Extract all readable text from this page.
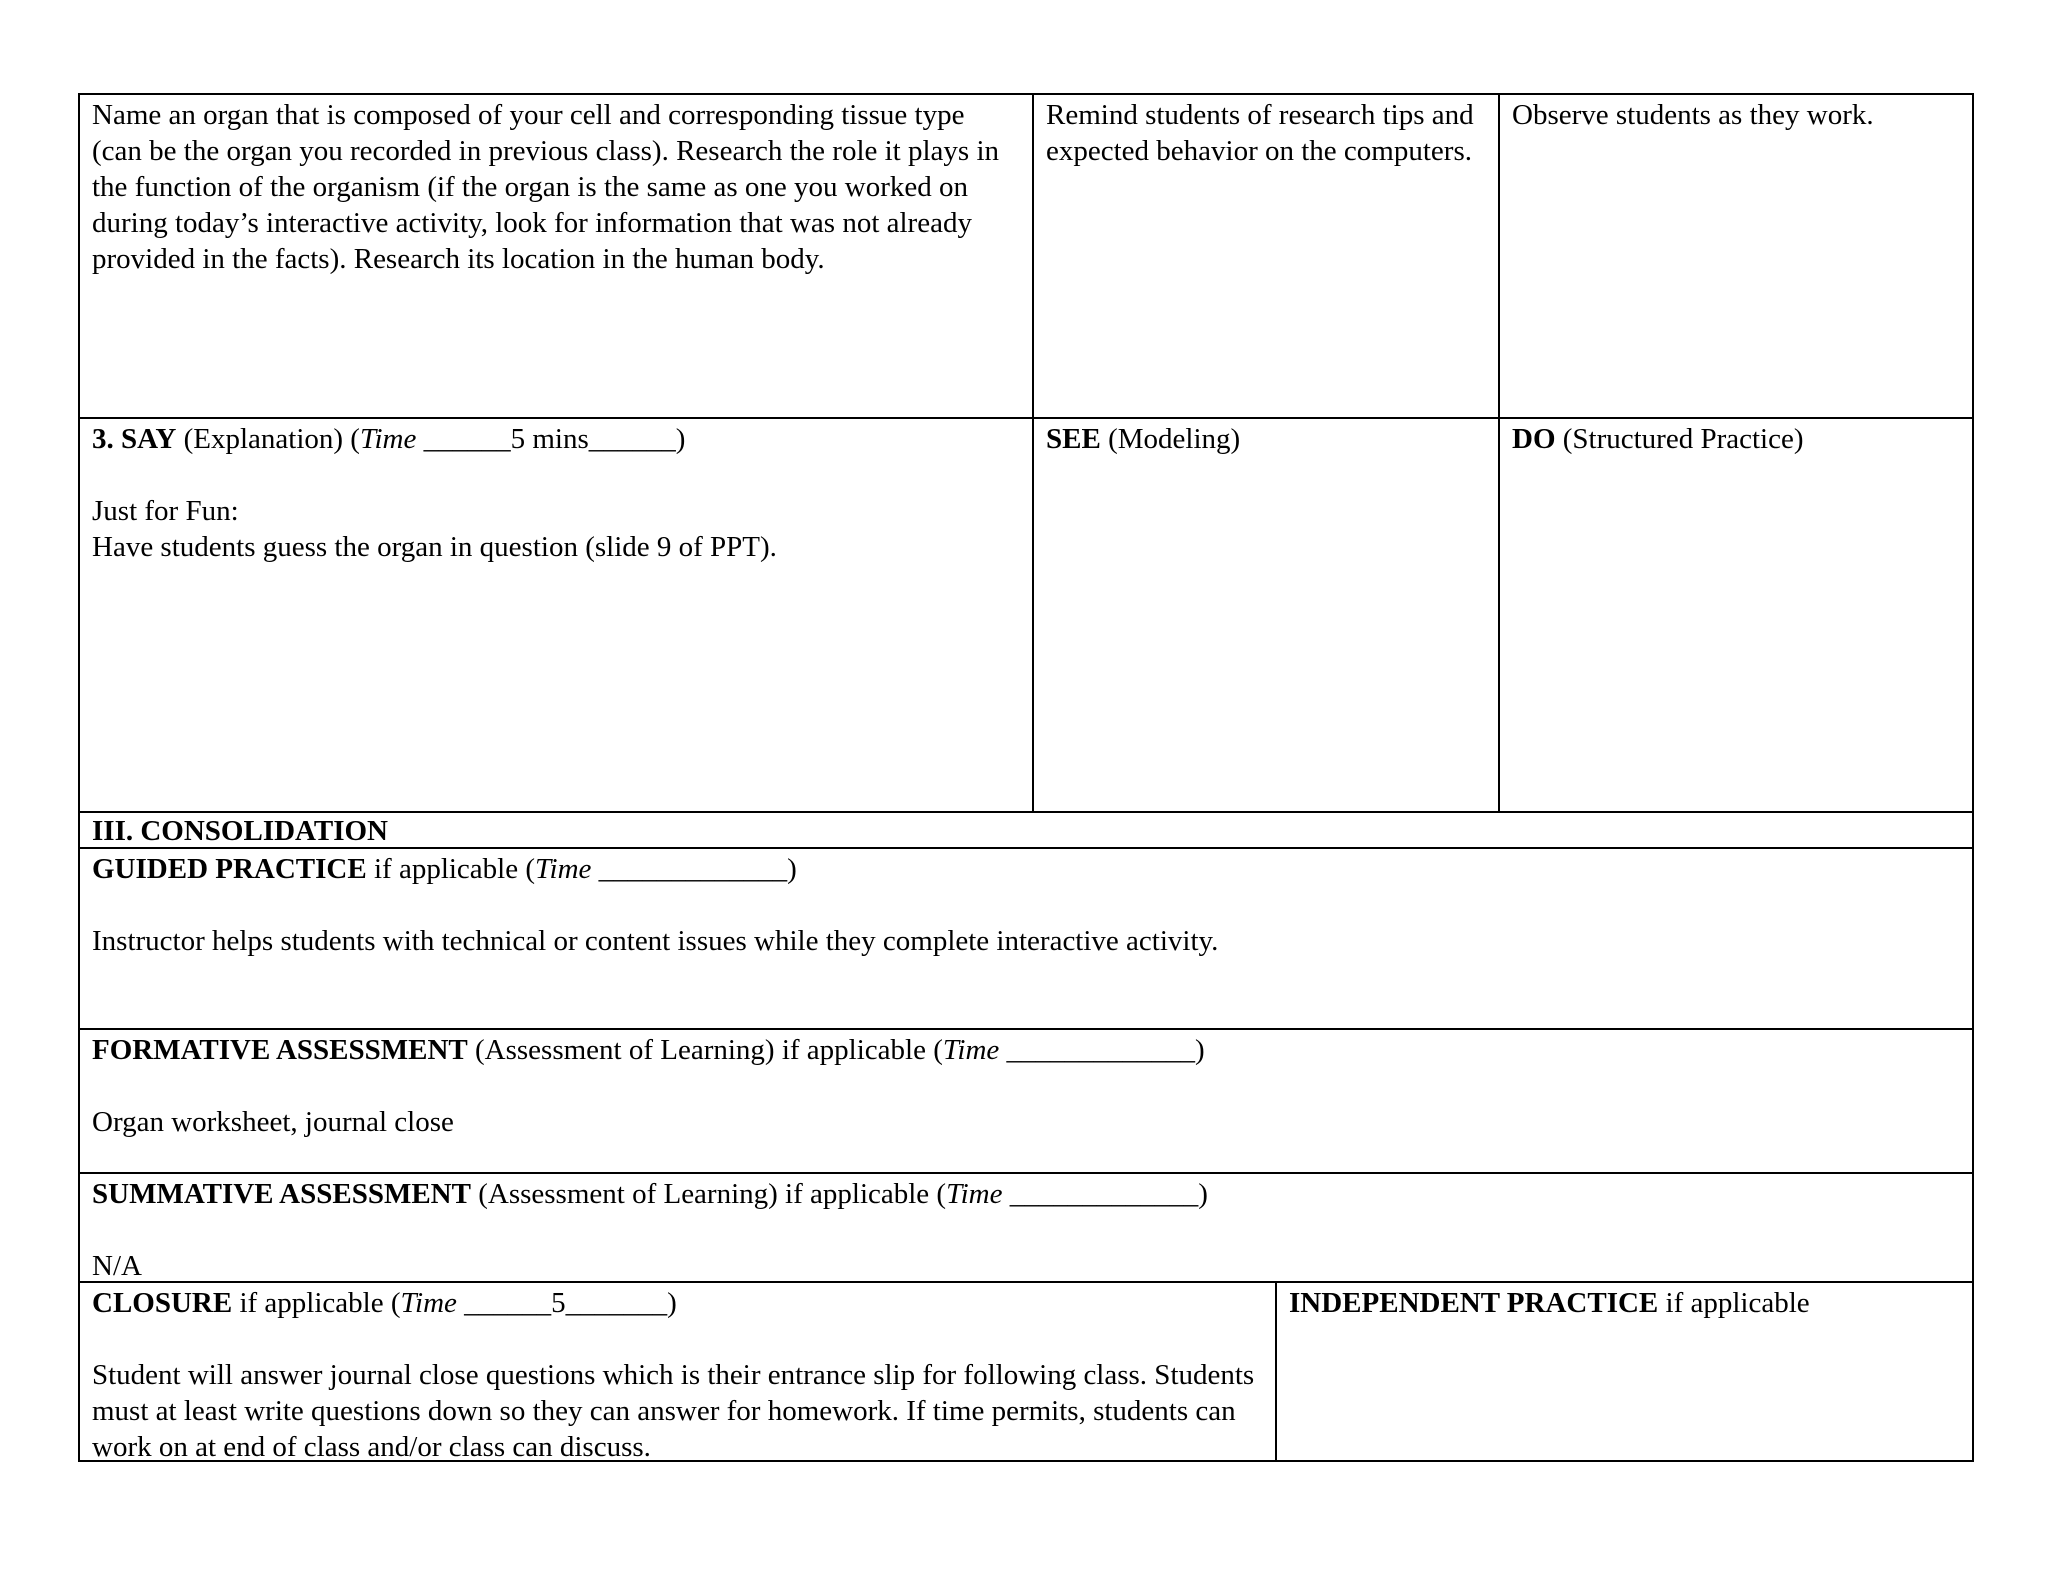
Name an organ that is composed of your cell and corresponding tissue type (can be the organ you recorded in previous class). Research the role it plays in the function of the organism (if the organ is the same as one you worked on during today’s interactive activity, look for information that was not already provided in the facts). Research its location in the human body.

Remind students of research tips and expected behavior on the computers.

Observe students as they work.

3. SAY (Explanation) (Time ______5 mins______)

Just for Fun:

Have students guess the organ in question (slide 9 of PPT).

SEE (Modeling)	DO (Structured Practice)

III. CONSOLIDATION

GUIDED PRACTICE if applicable (Time _____________)

Instructor helps students with technical or content issues while they complete interactive activity.

FORMATIVE ASSESSMENT (Assessment of Learning) if applicable (Time _____________)

Organ worksheet, journal close

SUMMATIVE ASSESSMENT (Assessment of Learning) if applicable (Time _____________)

N/A

CLOSURE if applicable (Time ______5_______)

Student will answer journal close questions which is their entrance slip for following class. Students must at least write questions down so they can answer for homework. If time permits, students can work on at end of class and/or class can discuss.

INDEPENDENT PRACTICE if applicable
